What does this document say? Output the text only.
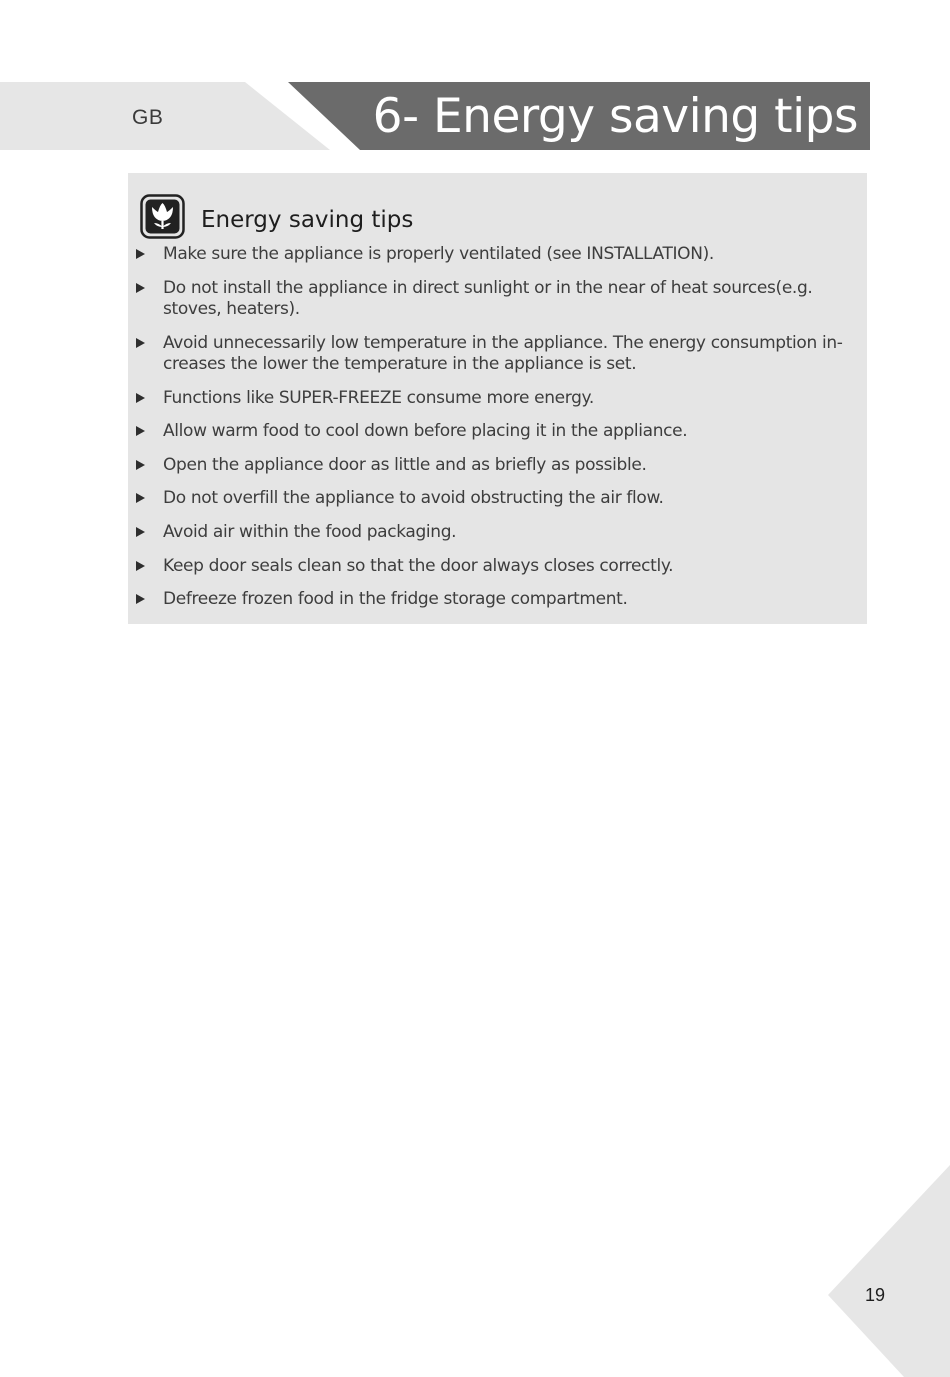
GB	6- Energy saving tips
Energy saving tips
Make sure the appliance is properly ventilated (see INSTALLATION).
Do not install the appliance in direct sunlight or in the near of heat sources(e.g. stoves, heaters).
Avoid unnecessarily low temperature in the appliance. The energy consumption in-creases the lower the temperature in the appliance is set.
Functions like SUPER-FREEZE consume more energy.
Allow warm food to cool down before placing it in the appliance.
Open the appliance door as little and as briefly as possible.
Do not overfill the appliance to avoid obstructing the air flow.
Avoid air within the food packaging.
Keep door seals clean so that the door always closes correctly.
Defreeze frozen food in the fridge storage compartment.
19
